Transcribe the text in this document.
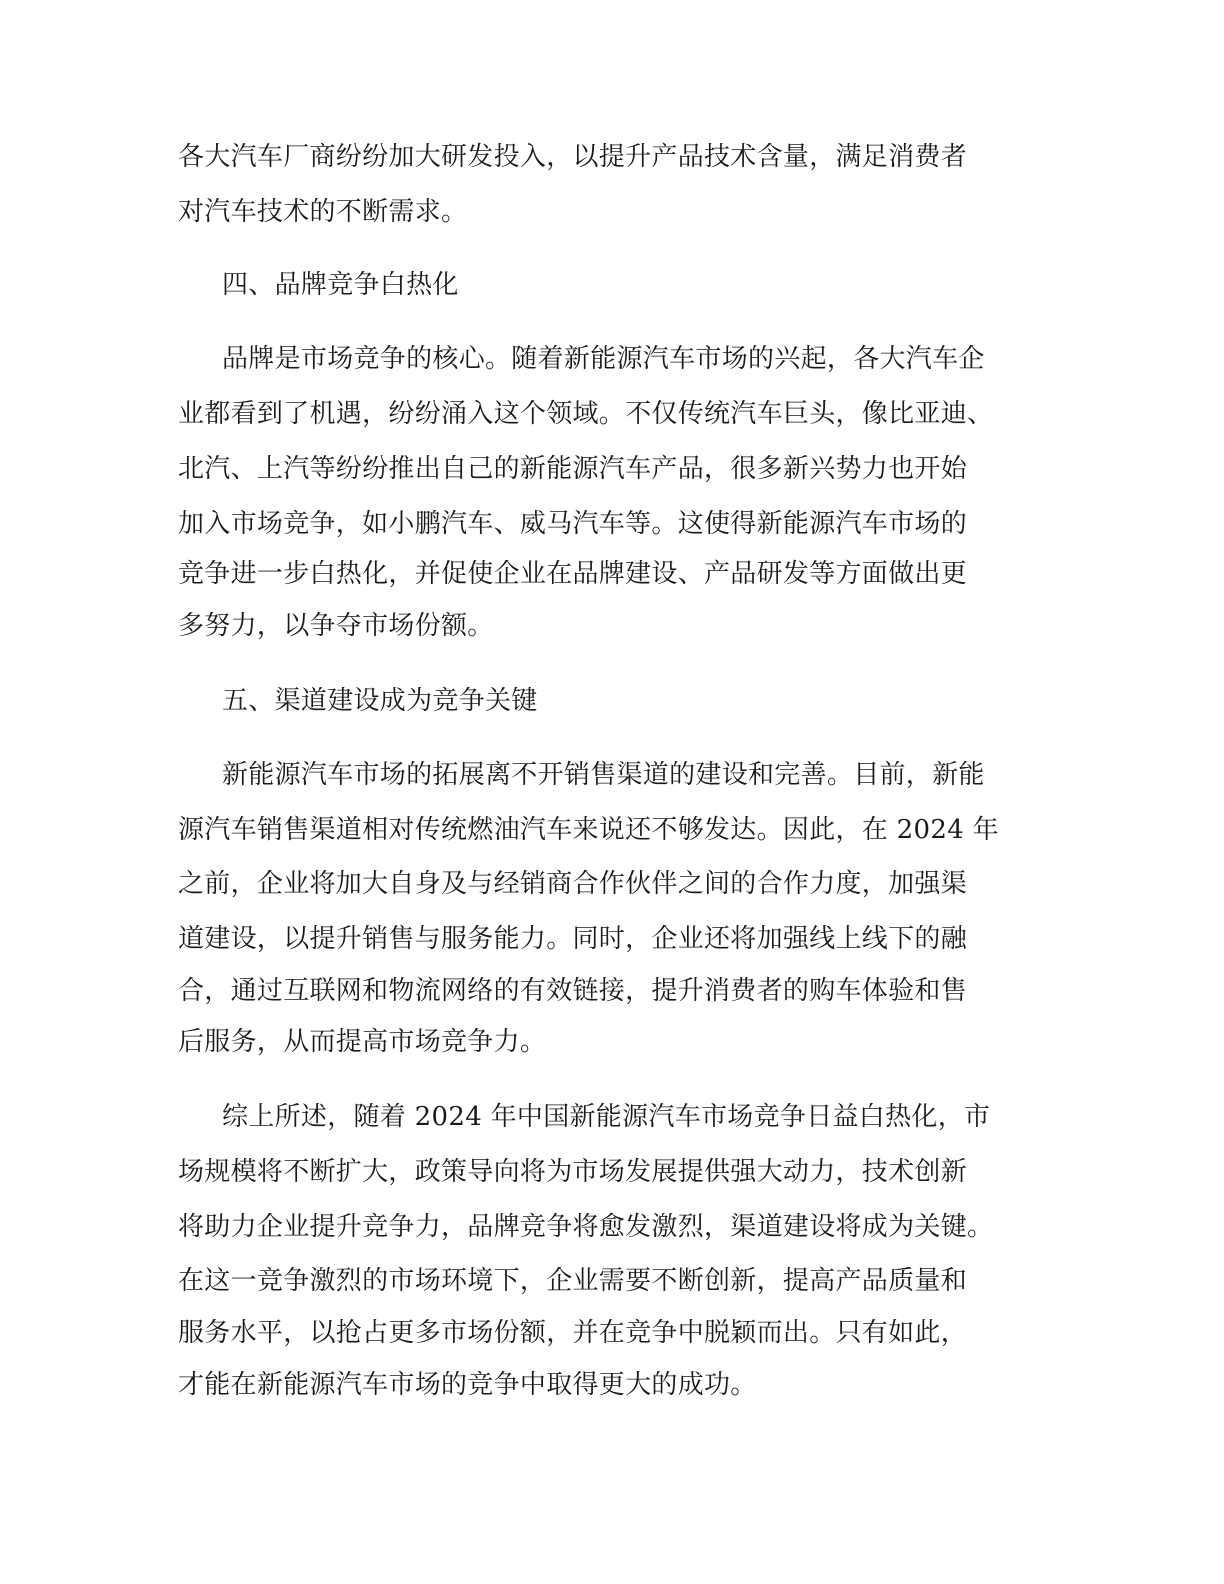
各大汽车厂商纷纷加大研发投入，以提升产品技术含量，满足消费者
对汽车技术的不断需求。
四、品牌竞争白热化
品牌是市场竞争的核心。随着新能源汽车市场的兴起，各大汽车企
业都看到了机遇，纷纷涌入这个领域。不仅传统汽车巨头，像比亚迪、
北汽、上汽等纷纷推出自己的新能源汽车产品，很多新兴势力也开始
加入市场竞争，如小鹏汽车、威马汽车等。这使得新能源汽车市场的
竞争进一步白热化，并促使企业在品牌建设、产品研发等方面做出更
多努力，以争夺市场份额。
五、渠道建设成为竞争关键
新能源汽车市场的拓展离不开销售渠道的建设和完善。目前，新能
源汽车销售渠道相对传统燃油汽车来说还不够发达。因此，在 2024 年
之前，企业将加大自身及与经销商合作伙伴之间的合作力度，加强渠
道建设，以提升销售与服务能力。同时，企业还将加强线上线下的融
合，通过互联网和物流网络的有效链接，提升消费者的购车体验和售
后服务，从而提高市场竞争力。
综上所述，随着 2024 年中国新能源汽车市场竞争日益白热化，市
场规模将不断扩大，政策导向将为市场发展提供强大动力，技术创新
将助力企业提升竞争力，品牌竞争将愈发激烈，渠道建设将成为关键。
在这一竞争激烈的市场环境下，企业需要不断创新，提高产品质量和
服务水平，以抢占更多市场份额，并在竞争中脱颖而出。只有如此，
才能在新能源汽车市场的竞争中取得更大的成功。
